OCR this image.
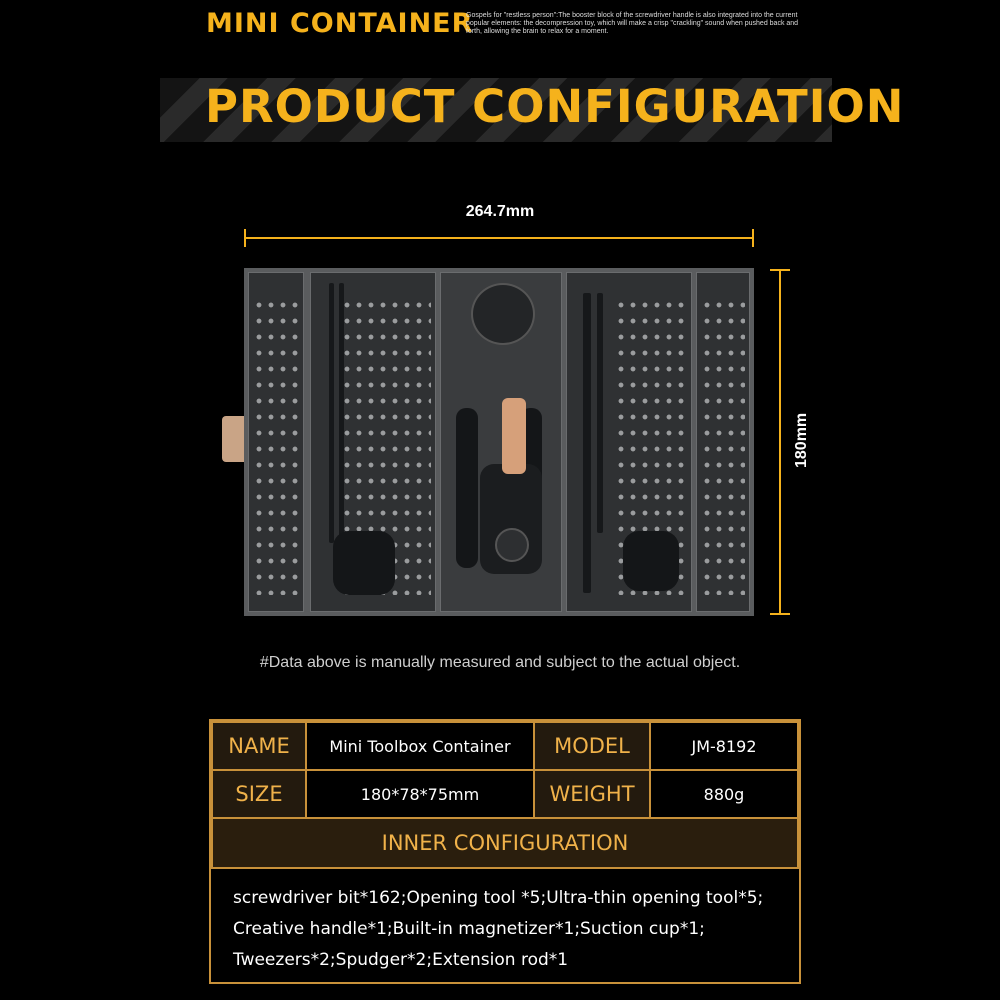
MINI CONTAINER
Gospels for "restless person":The booster block of the screwdriver handle is also integrated into the current popular elements: the decompression toy, which will make a crisp "crackling" sound when pushed back and forth, allowing the brain to relax for a moment.
PRODUCT CONFIGURATION
264.7mm
180mm
#Data above is manually measured and subject to the actual object.
NAME	Mini Toolbox Container	MODEL	JM-8192
SIZE	180*78*75mm	WEIGHT	880g
INNER CONFIGURATION
screwdriver bit*162;Opening tool *5;Ultra-thin opening tool*5;
Creative handle*1;Built-in magnetizer*1;Suction cup*1;
Tweezers*2;Spudger*2;Extension rod*1
